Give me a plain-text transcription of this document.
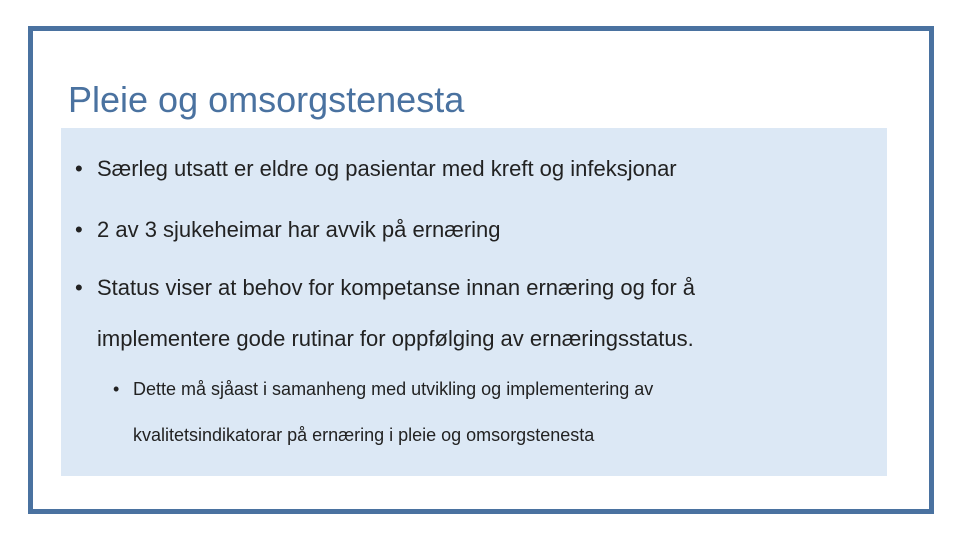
Pleie og omsorgstenesta
• Særleg utsatt er eldre og pasientar med kreft og infeksjonar
• 2 av 3 sjukeheimar har avvik på ernæring
• Status viser at behov for kompetanse innan ernæring og for å
implementere gode rutinar for oppfølging av ernæringsstatus.
• Dette må sjåast i samanheng med utvikling og implementering av
kvalitetsindikatorar på ernæring i pleie og omsorgstenesta
